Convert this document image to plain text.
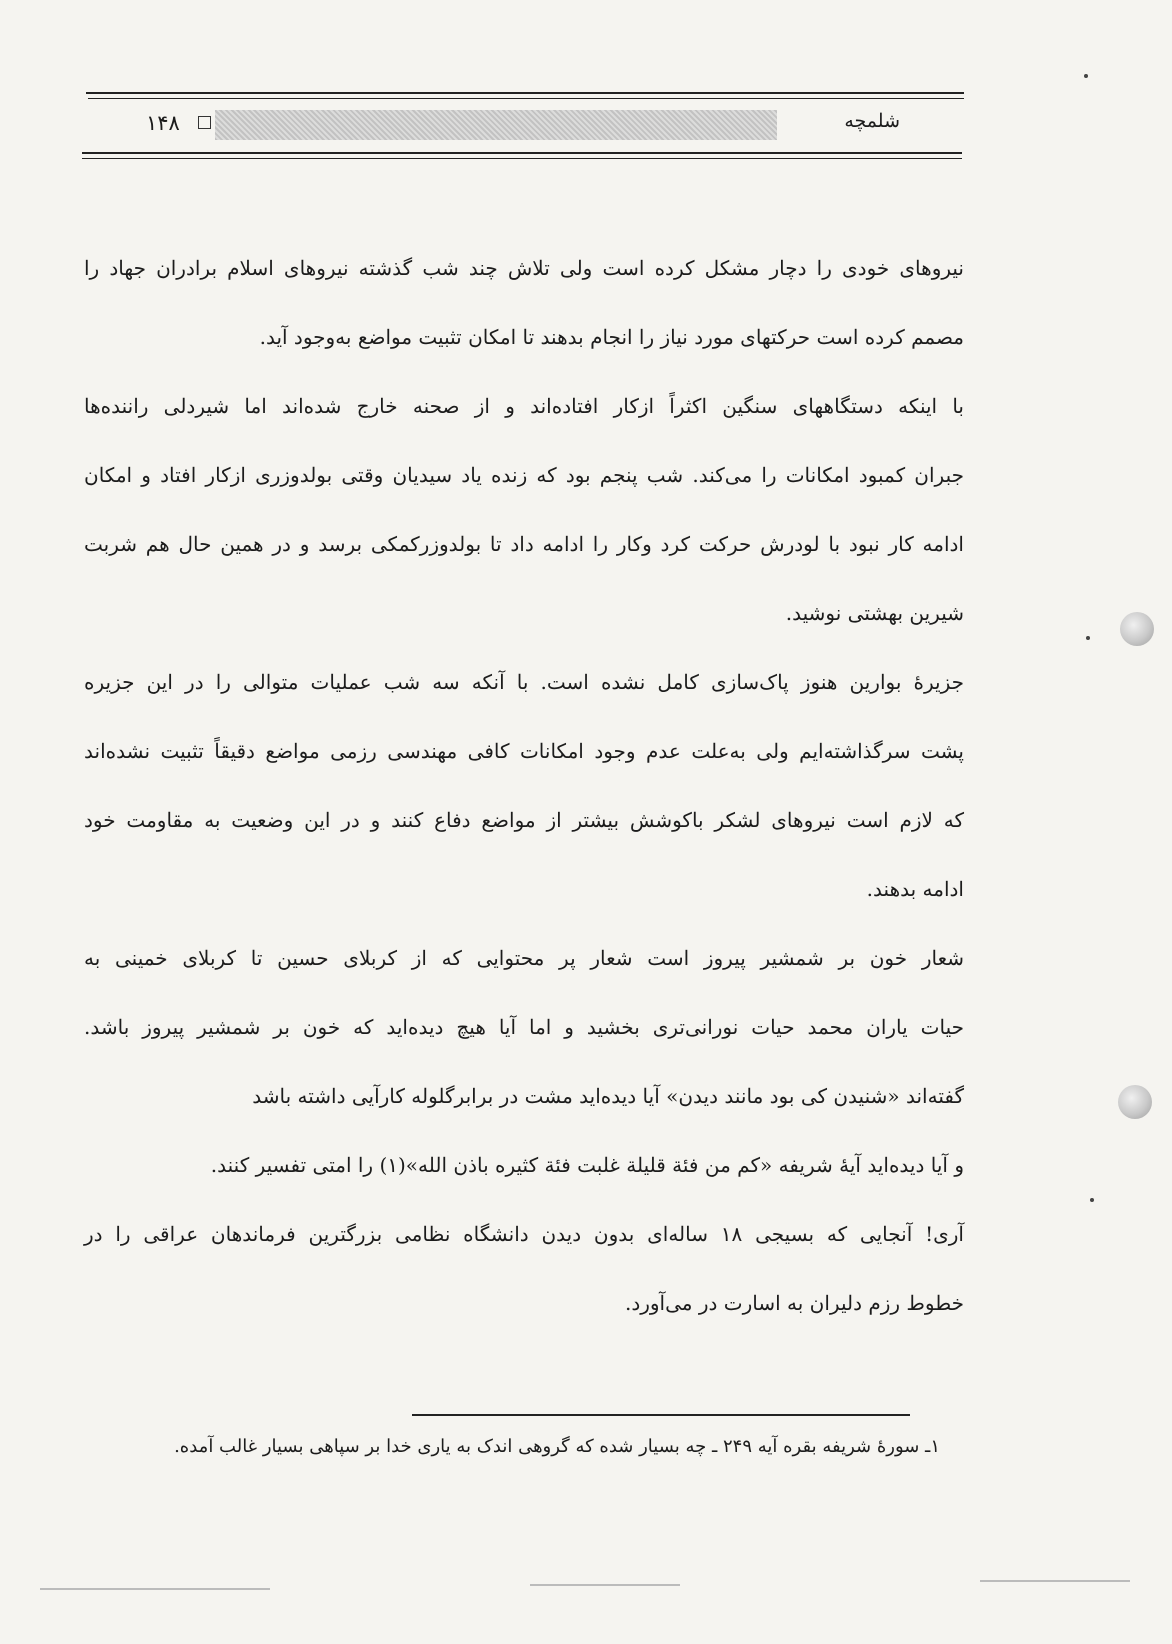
۱۴۸	شلمچه

نیروهای خودی را دچار مشکل کرده است ولی تلاش چند شب گذشته نیروهای اسلام برادران جهاد را

مصمم کرده است حرکتهای مورد نیاز را انجام بدهند تا امکان تثبیت مواضع به‌وجود آید.

با اینکه دستگاههای سنگین اکثراً ازکار افتاده‌اند و از صحنه خارج شده‌اند اما شیردلی راننده‌ها

جبران کمبود امکانات را می‌کند. شب پنجم بود که زنده یاد سیدیان وقتی بولدوزری ازکار افتاد و امکان

ادامه کار نبود با لودرش حرکت کرد وکار را ادامه داد تا بولدوزرکمکی برسد و در همین حال هم شربت

شیرین بهشتی نوشید.

جزیرهٔ بوارین هنوز پاک‌سازی کامل نشده است. با آنکه سه شب عملیات متوالی را در این جزیره

پشت سرگذاشته‌ایم ولی به‌علت عدم وجود امکانات کافی مهندسی رزمی مواضع دقیقاً تثبیت نشده‌اند

که لازم است نیروهای لشکر باکوشش بیشتر از مواضع دفاع کنند و در این وضعیت به مقاومت خود

ادامه بدهند.

شعار خون بر شمشیر پیروز است شعار پر محتوایی که از کربلای حسین تا کربلای خمینی به

حیات یاران محمد حیات نورانی‌تری بخشید و اما آیا هیچ دیده‌اید که خون بر شمشیر پیروز باشد.

گفته‌اند «شنیدن کی بود مانند دیدن» آیا دیده‌اید مشت در برابرگلوله کارآیی داشته باشد

و آیا دیده‌اید آیهٔ شریفه «کم من فئة قلیلة غلبت فئة کثیره باذن الله»(۱) را امتی تفسیر کنند.

آری! آنجایی که بسیجی ۱۸ ساله‌ای بدون دیدن دانشگاه نظامی بزرگترین فرماندهان عراقی را در

خطوط رزم دلیران به اسارت در می‌آورد.

۱ـ سورهٔ شریفه بقره آیه ۲۴۹ ـ چه بسیار شده که گروهی اندک به یاری خدا بر سپاهی بسیار غالب آمده.
